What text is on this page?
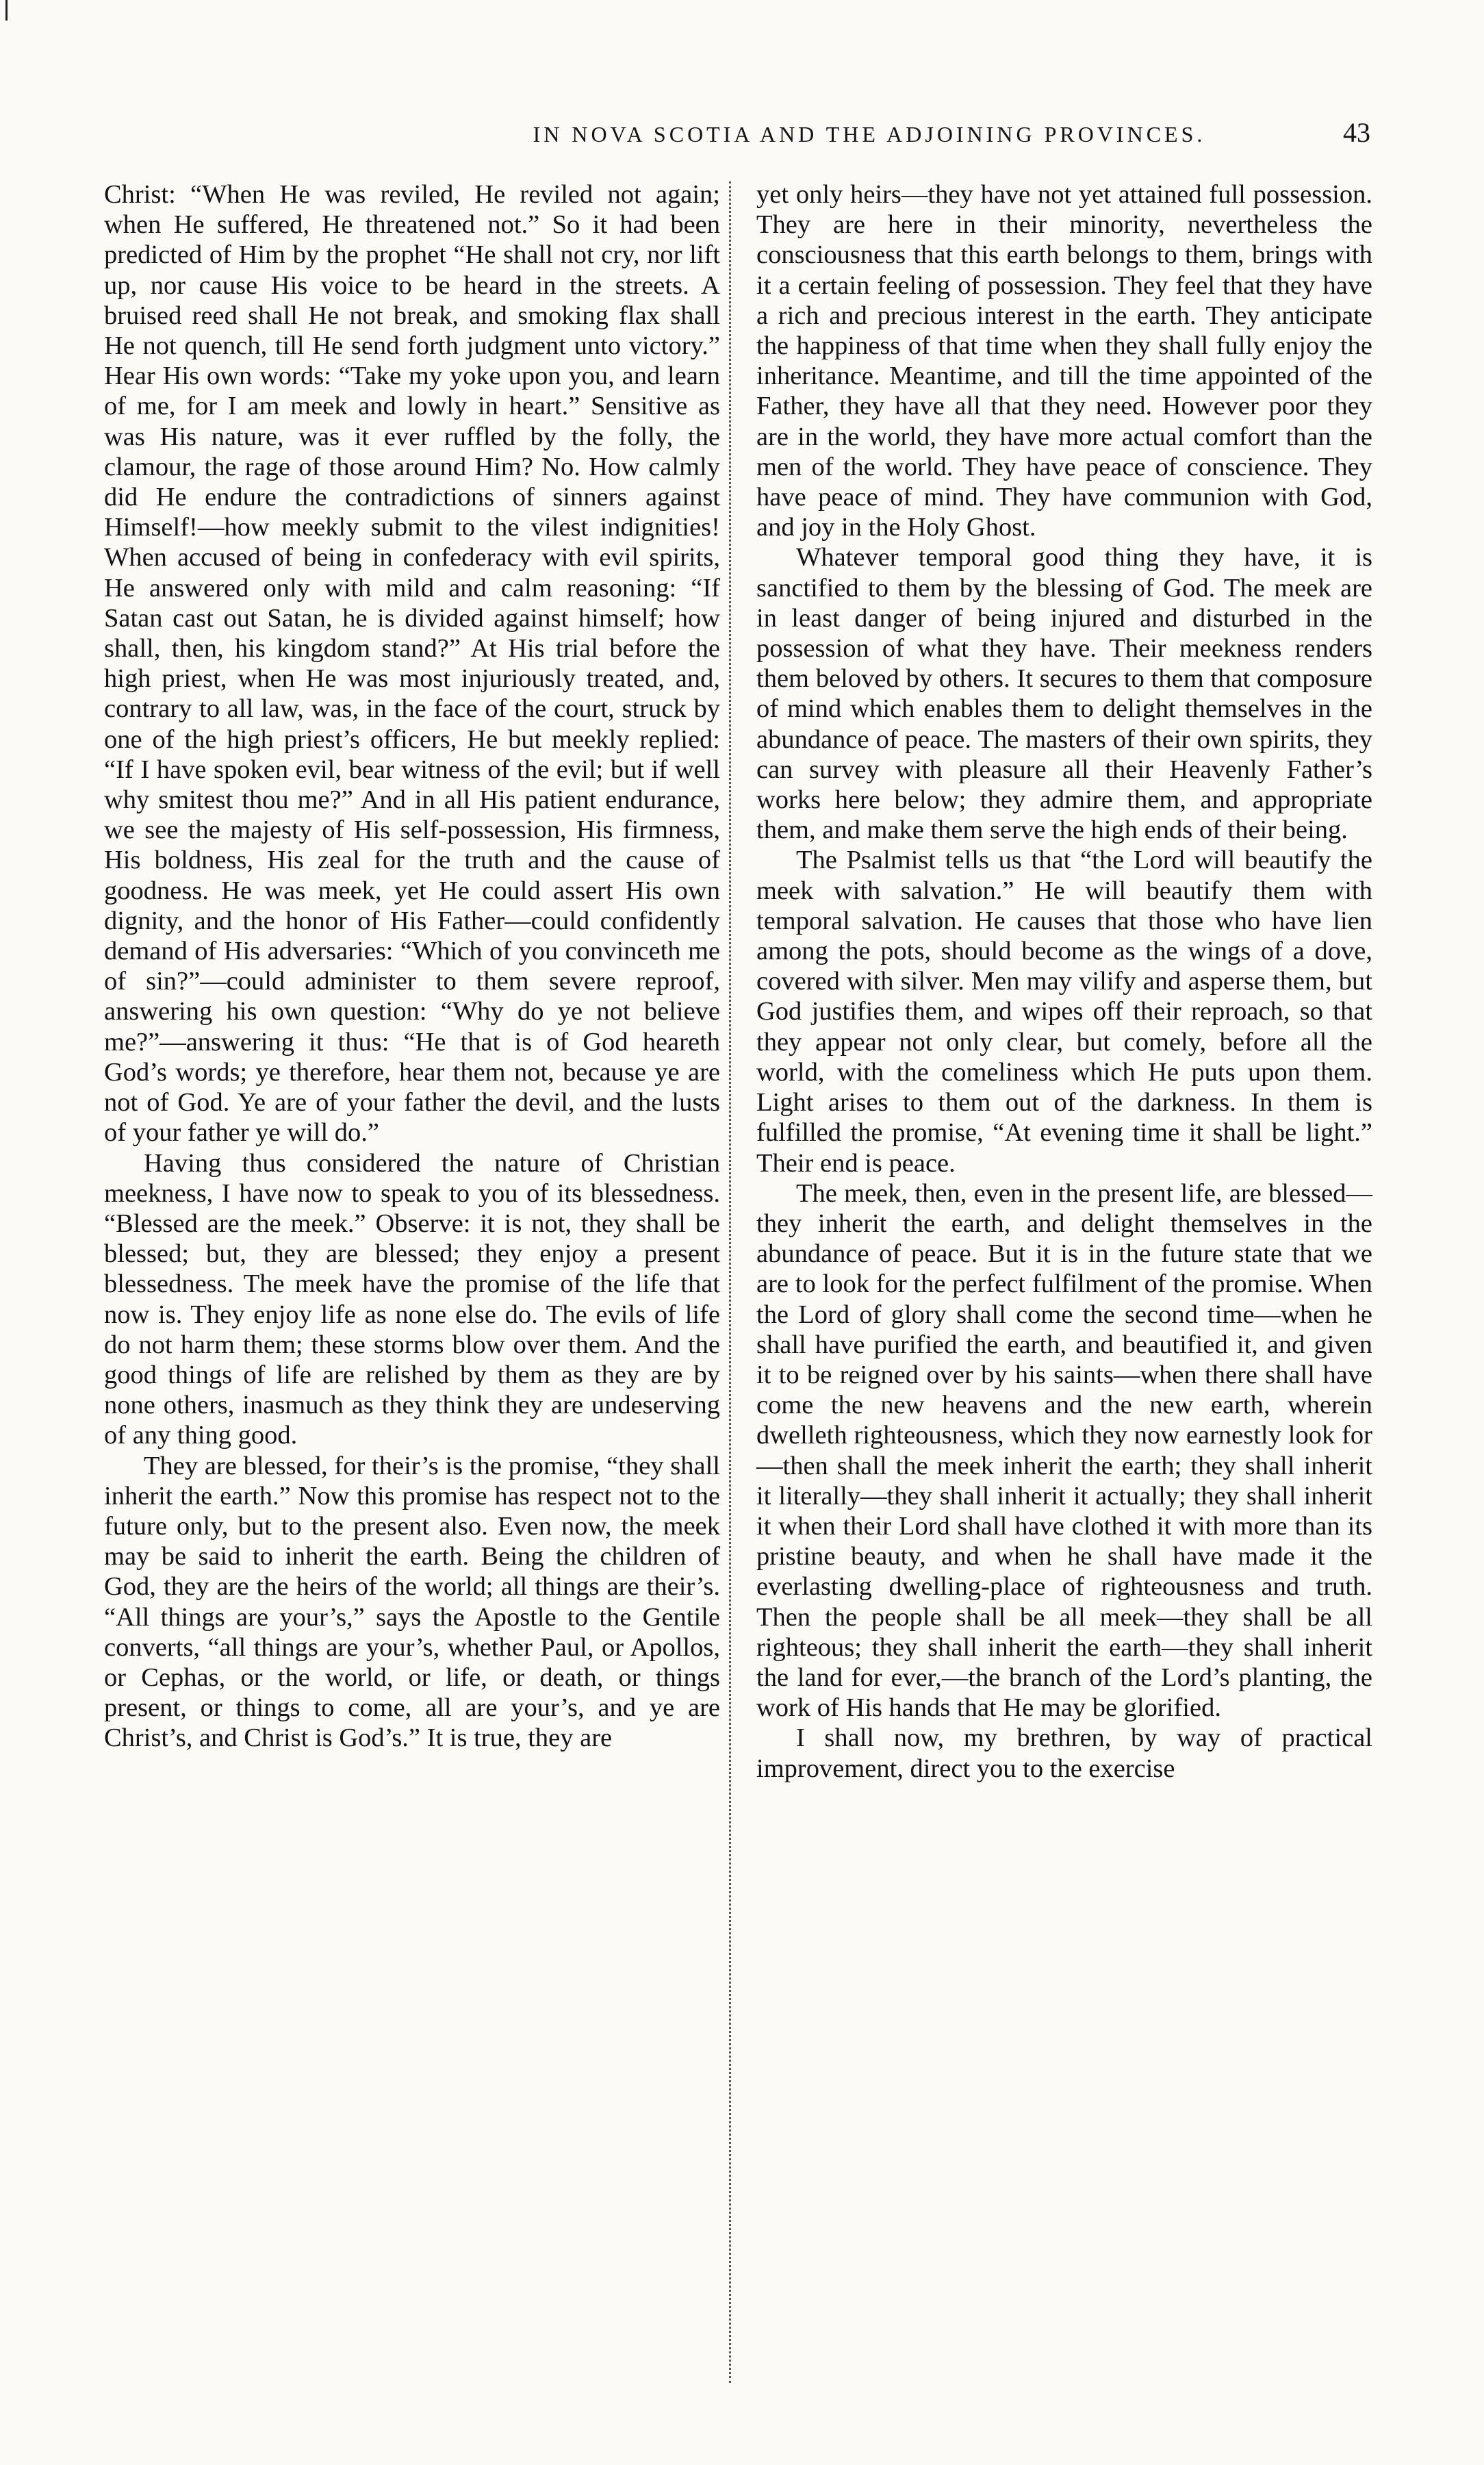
IN NOVA SCOTIA AND THE ADJOINING PROVINCES.	43

Christ: “When He was reviled, He reviled not again; when He suffered, He threatened not.” So it had been predicted of Him by the prophet “He shall not cry, nor lift up, nor cause His voice to be heard in the streets. A bruised reed shall He not break, and smoking flax shall He not quench, till He send forth judgment unto victory.” Hear His own words: “Take my yoke upon you, and learn of me, for I am meek and lowly in heart.” Sensitive as was His nature, was it ever ruffled by the folly, the clamour, the rage of those around Him? No. How calmly did He endure the contradictions of sinners against Himself!—how meekly submit to the vilest indignities! When accused of being in confederacy with evil spirits, He answered only with mild and calm reasoning: “If Satan cast out Satan, he is divided against himself; how shall, then, his kingdom stand?” At His trial before the high priest, when He was most injuriously treated, and, contrary to all law, was, in the face of the court, struck by one of the high priest’s officers, He but meekly replied: “If I have spoken evil, bear witness of the evil; but if well why smitest thou me?” And in all His patient endurance, we see the majesty of His self-possession, His firmness, His boldness, His zeal for the truth and the cause of goodness. He was meek, yet He could assert His own dignity, and the honor of His Father—could confidently demand of His adversaries: “Which of you convinceth me of sin?”—could administer to them severe reproof, answering his own question: “Why do ye not believe me?”—answering it thus: “He that is of God heareth God’s words; ye therefore, hear them not, because ye are not of God. Ye are of your father the devil, and the lusts of your father ye will do.”

Having thus considered the nature of Christian meekness, I have now to speak to you of its blessedness. “Blessed are the meek.” Observe: it is not, they shall be blessed; but, they are blessed; they enjoy a present blessedness. The meek have the promise of the life that now is. They enjoy life as none else do. The evils of life do not harm them; these storms blow over them. And the good things of life are relished by them as they are by none others, inasmuch as they think they are undeserving of any thing good.

They are blessed, for their’s is the promise, “they shall inherit the earth.” Now this promise has respect not to the future only, but to the present also. Even now, the meek may be said to inherit the earth. Being the children of God, they are the heirs of the world; all things are their’s. “All things are your’s,” says the Apostle to the Gentile converts, “all things are your’s, whether Paul, or Apollos, or Cephas, or the world, or life, or death, or things present, or things to come, all are your’s, and ye are Christ’s, and Christ is God’s.” It is true, they are

yet only heirs—they have not yet attained full possession. They are here in their minority, nevertheless the consciousness that this earth belongs to them, brings with it a certain feeling of possession. They feel that they have a rich and precious interest in the earth. They anticipate the happiness of that time when they shall fully enjoy the inheritance. Meantime, and till the time appointed of the Father, they have all that they need. However poor they are in the world, they have more actual comfort than the men of the world. They have peace of conscience. They have peace of mind. They have communion with God, and joy in the Holy Ghost.

Whatever temporal good thing they have, it is sanctified to them by the blessing of God. The meek are in least danger of being injured and disturbed in the possession of what they have. Their meekness renders them beloved by others. It secures to them that composure of mind which enables them to delight themselves in the abundance of peace. The masters of their own spirits, they can survey with pleasure all their Heavenly Father’s works here below; they admire them, and appropriate them, and make them serve the high ends of their being.

The Psalmist tells us that “the Lord will beautify the meek with salvation.” He will beautify them with temporal salvation. He causes that those who have lien among the pots, should become as the wings of a dove, covered with silver. Men may vilify and asperse them, but God justifies them, and wipes off their reproach, so that they appear not only clear, but comely, before all the world, with the comeliness which He puts upon them. Light arises to them out of the darkness. In them is fulfilled the promise, “At evening time it shall be light.” Their end is peace.

The meek, then, even in the present life, are blessed—they inherit the earth, and delight themselves in the abundance of peace. But it is in the future state that we are to look for the perfect fulfilment of the promise. When the Lord of glory shall come the second time—when he shall have purified the earth, and beautified it, and given it to be reigned over by his saints—when there shall have come the new heavens and the new earth, wherein dwelleth righteousness, which they now earnestly look for—then shall the meek inherit the earth; they shall inherit it literally—they shall inherit it actually; they shall inherit it when their Lord shall have clothed it with more than its pristine beauty, and when he shall have made it the everlasting dwelling-place of righteousness and truth. Then the people shall be all meek—they shall be all righteous; they shall inherit the earth—they shall inherit the land for ever,—the branch of the Lord’s planting, the work of His hands that He may be glorified.

I shall now, my brethren, by way of practical improvement, direct you to the exercise
